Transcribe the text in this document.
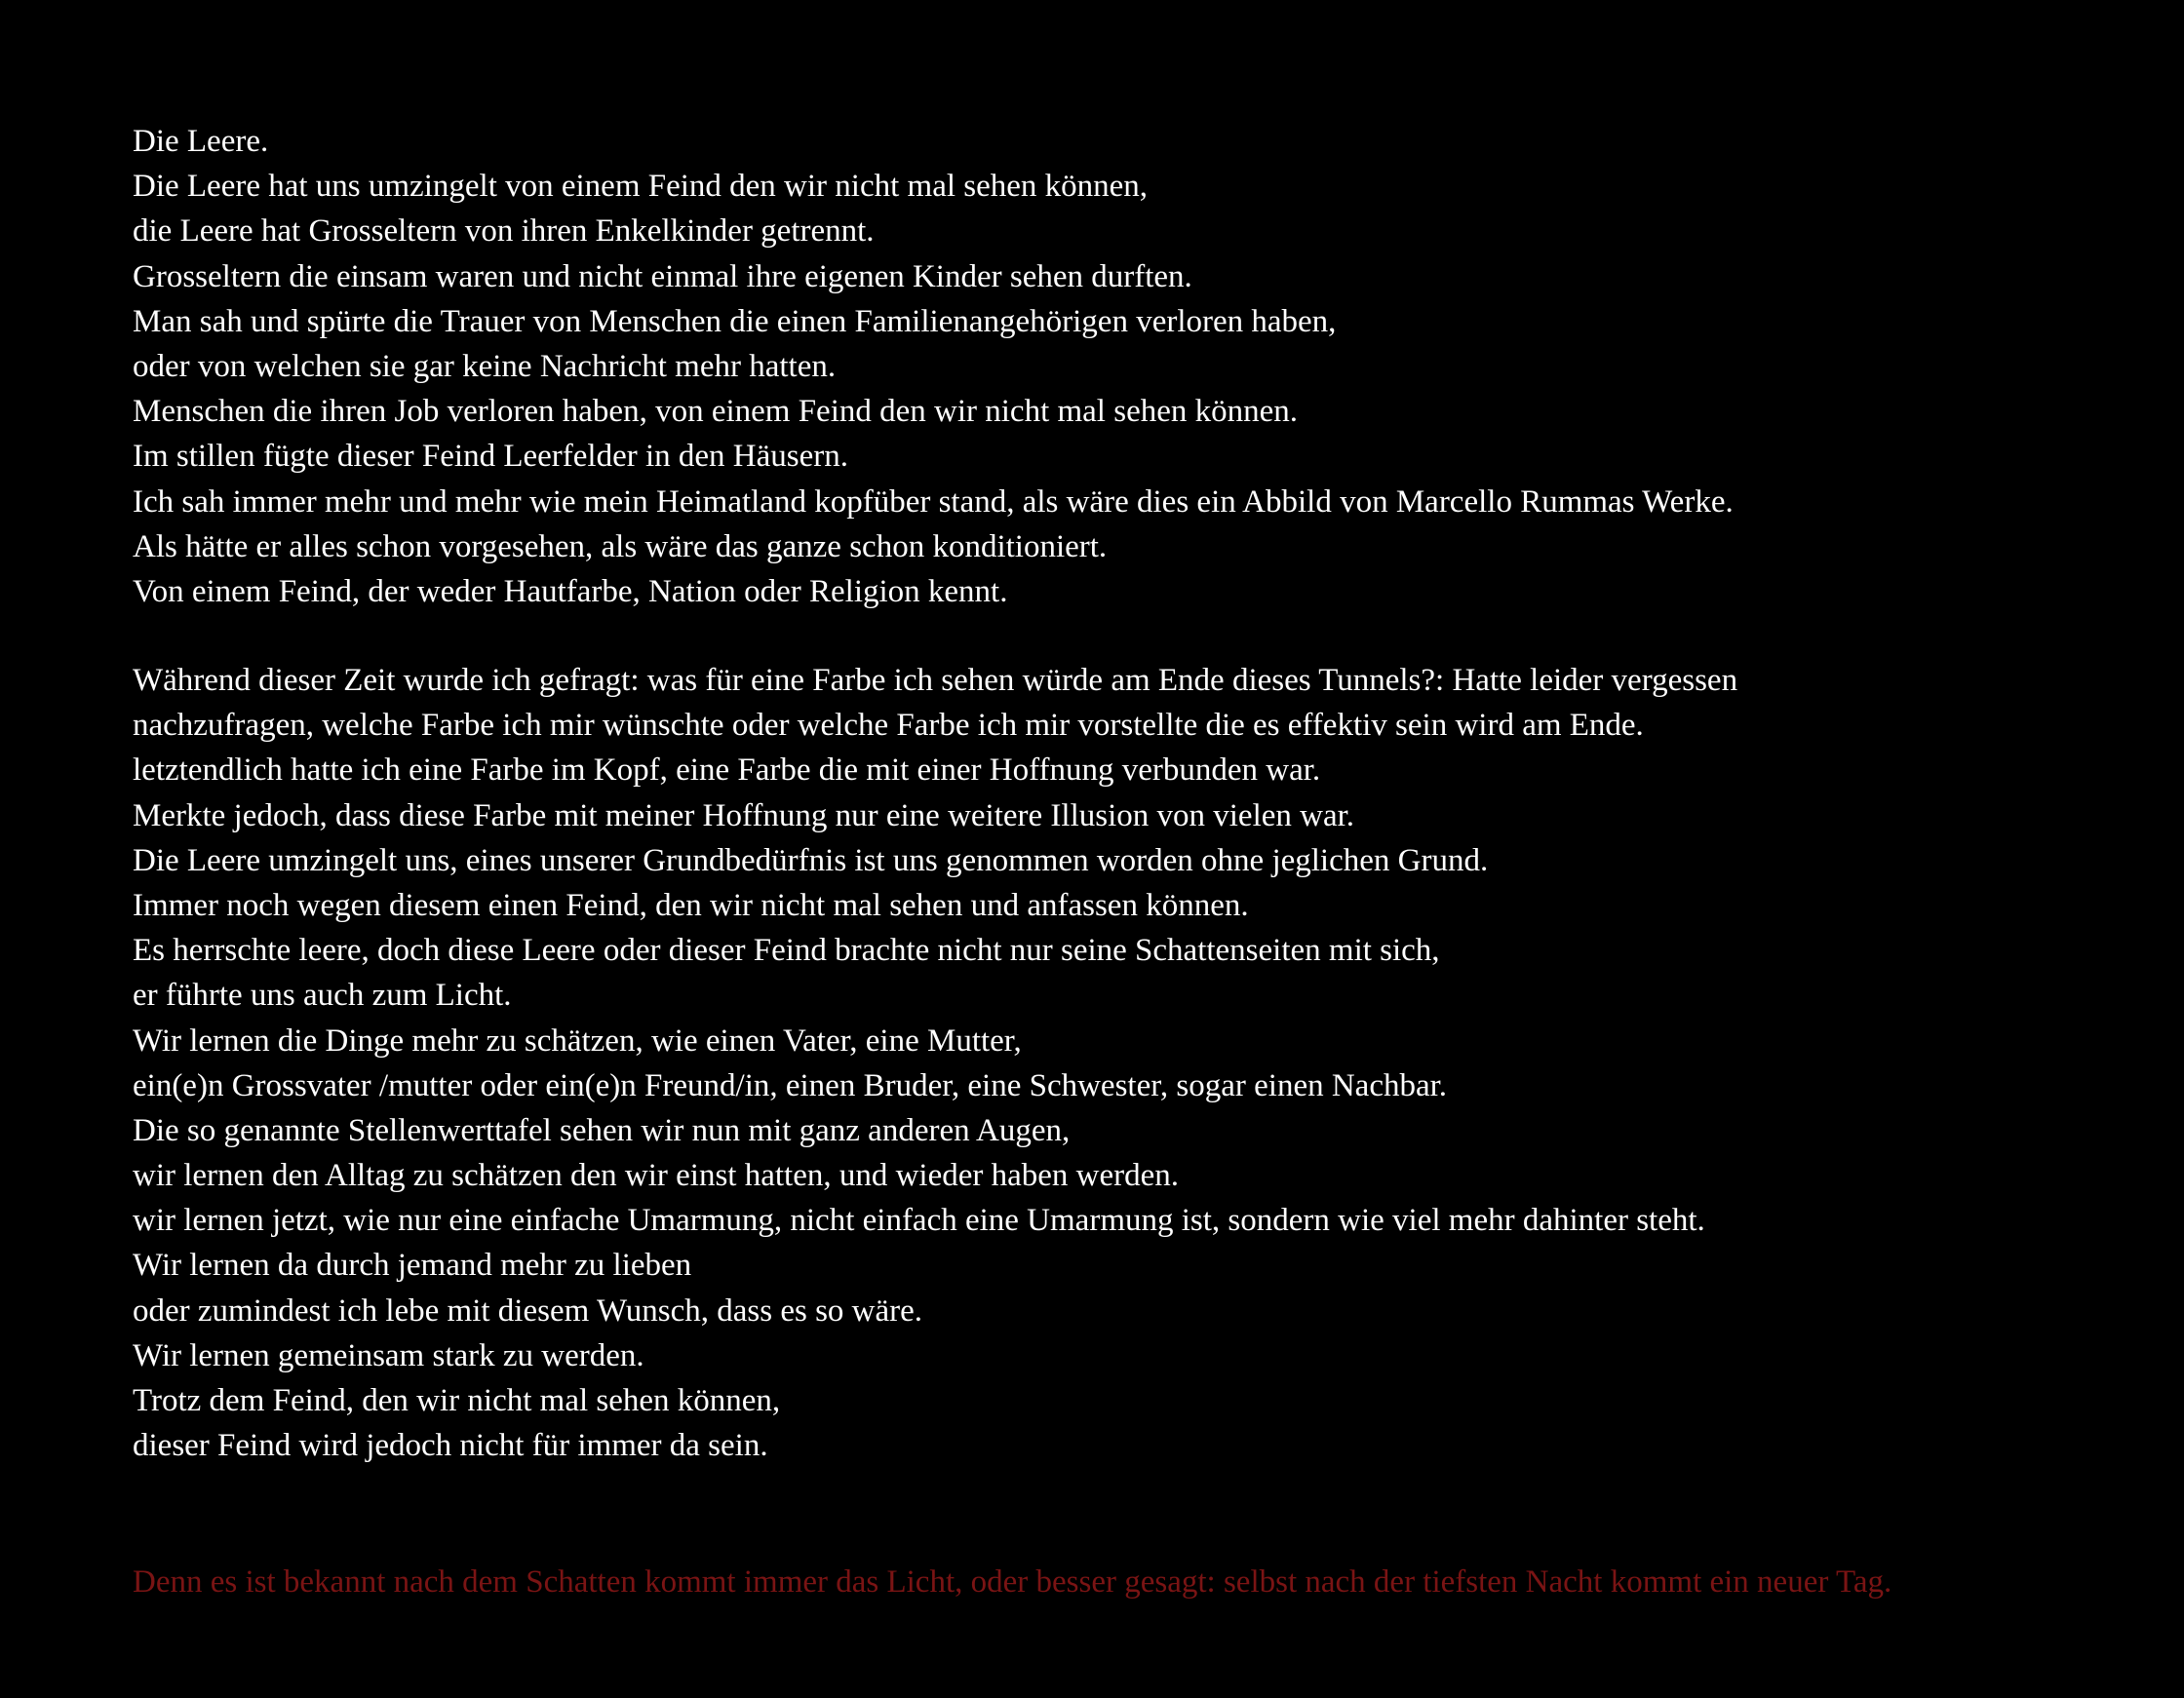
Die Leere.
Die Leere hat uns umzingelt von einem Feind den wir nicht mal sehen können,
die Leere hat Grosseltern von ihren Enkelkinder getrennt.
Grosseltern die einsam waren und nicht einmal ihre eigenen Kinder sehen durften.
Man sah und spürte die Trauer von Menschen die einen Familienangehörigen verloren haben,
oder von welchen sie gar keine Nachricht mehr hatten.
Menschen die ihren Job verloren haben, von einem Feind den wir nicht mal sehen können.
Im stillen fügte dieser Feind Leerfelder in den Häusern.
Ich sah immer mehr und mehr wie mein Heimatland kopfüber stand, als wäre dies ein Abbild von Marcello Rummas Werke.
Als hätte er alles schon vorgesehen, als wäre das ganze schon konditioniert.
Von einem Feind, der weder Hautfarbe, Nation oder Religion kennt.
Während dieser Zeit wurde ich gefragt: was für eine Farbe ich sehen würde am Ende dieses Tunnels?: Hatte leider vergessen
nachzufragen, welche Farbe ich mir wünschte oder welche Farbe ich mir vorstellte die es effektiv sein wird am Ende.
letztendlich hatte ich eine Farbe im Kopf, eine Farbe die mit einer Hoffnung verbunden war.
Merkte jedoch, dass diese Farbe mit meiner Hoffnung nur eine weitere Illusion von vielen war.
Die Leere umzingelt uns, eines unserer Grundbedürfnis ist uns genommen worden ohne jeglichen Grund.
Immer noch wegen diesem einen Feind, den wir nicht mal sehen und anfassen können.
Es herrschte leere, doch diese Leere oder dieser Feind brachte nicht nur seine Schattenseiten mit sich,
er führte uns auch zum Licht.
Wir lernen die Dinge mehr zu schätzen, wie einen Vater, eine Mutter,
ein(e)n Grossvater /mutter oder ein(e)n Freund/in, einen Bruder, eine Schwester, sogar einen Nachbar.
Die so genannte Stellenwerttafel sehen wir nun mit ganz anderen Augen,
wir lernen den Alltag zu schätzen den wir einst hatten, und wieder haben werden.
wir lernen jetzt, wie nur eine einfache Umarmung, nicht einfach eine Umarmung ist, sondern wie viel mehr dahinter steht.
Wir lernen da durch jemand mehr zu lieben
oder zumindest ich lebe mit diesem Wunsch, dass es so wäre.
Wir lernen gemeinsam stark zu werden.
Trotz dem Feind, den wir nicht mal sehen können,
dieser Feind wird jedoch nicht für immer da sein.

Denn es ist bekannt nach dem Schatten kommt immer das Licht, oder besser gesagt: selbst nach der tiefsten Nacht kommt ein neuer Tag.
